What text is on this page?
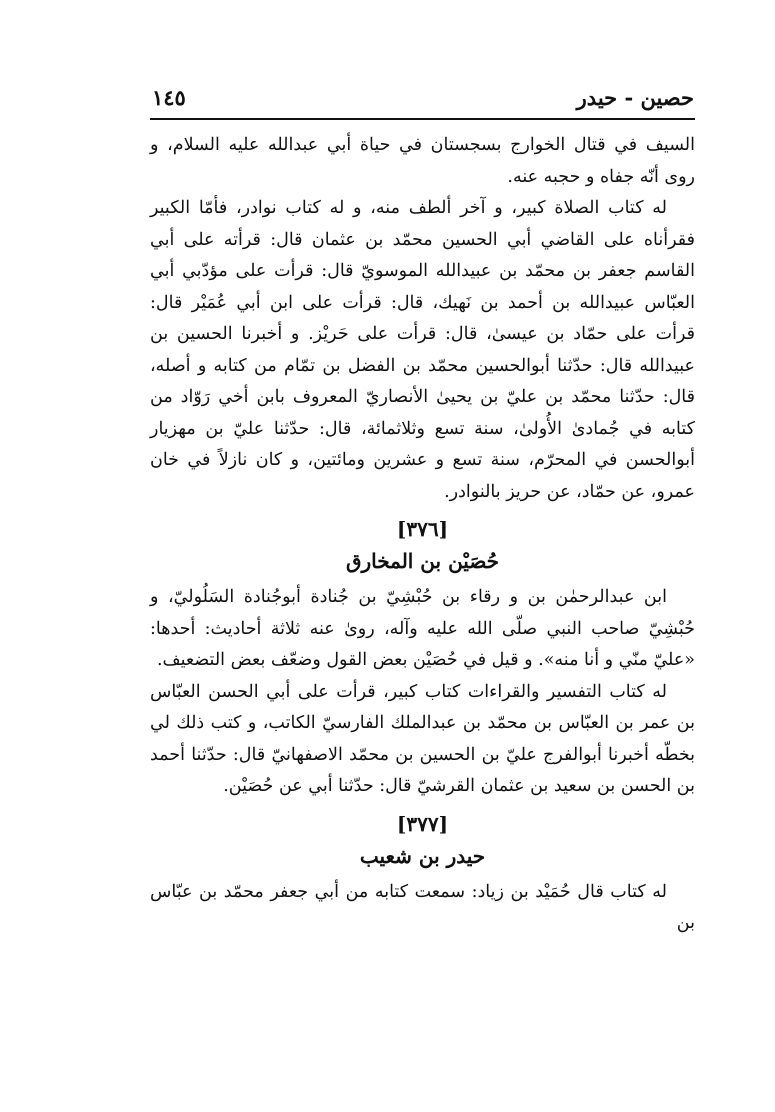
حصين - حيدر
١٤٥

السيف في قتال الخوارج بسجستان في حياة أبي عبدالله عليه السلام، و روى أنّه جفاه و حجبه عنه.

له كتاب الصلاة كبير، و آخر ألطف منه، و له كتاب نوادر، فأمّا الكبير فقرأناه على القاضي أبي الحسين محمّد بن عثمان قال: قرأته على أبي القاسم جعفر بن محمّد بن عبيدالله الموسويّ قال: قرأت على مؤدّبي أبي العبّاس عبيدالله بن أحمد بن نَهيك، قال: قرأت على ابن أبي عُمَيْر قال: قرأت على حمّاد بن عيسىٰ، قال: قرأت على حَريْز. و أخبرنا الحسين بن عبيدالله قال: حدّثنا أبوالحسين محمّد بن الفضل بن تمّام من كتابه و أصله، قال: حدّثنا محمّد بن عليّ بن يحيىٰ الأنصاريّ المعروف بابن أخي رَوّاد من كتابه في جُمادىٰ الأُولىٰ، سنة تسع وثلاثمائة، قال: حدّثنا عليّ بن مهزيار أبوالحسن في المحرّم، سنة تسع و عشرين ومائتين، و كان نازلاً في خان عمرو، عن حمّاد، عن حريز بالنوادر.

[٣٧٦]
حُصَيْن بن المخارق

ابن عبدالرحمٰن بن و رقاء بن حُبْشِيّ بن جُنادة أبوجُنادة السَلُوليّ، و حُبْشِيّ صاحب النبي صلّى الله عليه وآله، روىٰ عنه ثلاثة أحاديث: أحدها: «عليّ منّي و أنا منه». و قيل في حُصَيْن بعض القول وضعّف بعض التضعيف.

له كتاب التفسير والقراءات كتاب كبير، قرأت على أبي الحسن العبّاس بن عمر بن العبّاس بن محمّد بن عبدالملك الفارسيّ الكاتب، و كتب ذلك لي بخطّه أخبرنا أبوالفرج عليّ بن الحسين بن محمّد الاصفهانيّ قال: حدّثنا أحمد بن الحسن بن سعيد بن عثمان القرشيّ قال: حدّثنا أبي عن حُصَيْن.

[٣٧٧]
حيدر بن شعيب

له كتاب قال حُمَيْد بن زياد: سمعت كتابه من أبي جعفر محمّد بن عبّاس بن
